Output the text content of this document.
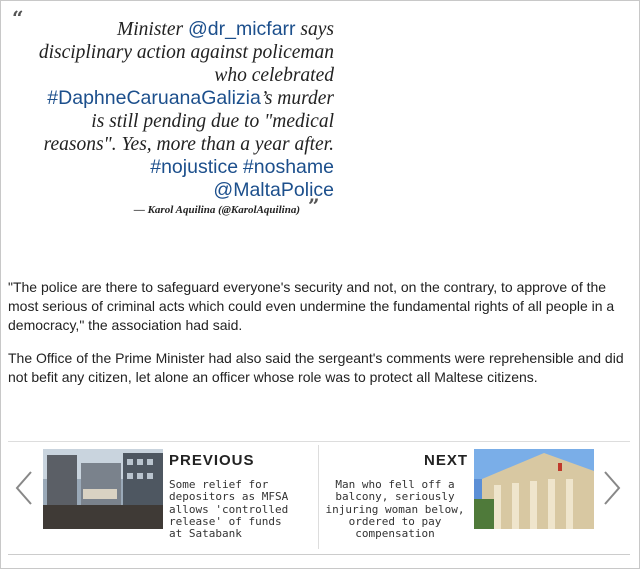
“	Minister @dr_micfarr says disciplinary action against policeman who celebrated #DaphneCaruanaGalizia’s murder is still pending due to "medical reasons". Yes, more than a year after. #nojustice #noshame @MaltaPolice
— Karol Aquilina (@KarolAquilina) ”

"The police are there to safeguard everyone's security and not, on the contrary, to approve of the most serious of criminal acts which could even undermine the fundamental rights of all people in a democracy," the association had said.

The Office of the Prime Minister had also said the sergeant's comments were reprehensible and did not befit any citizen, let alone an officer whose role was to protect all Maltese citizens.

PREVIOUS
Some relief for depositors as MFSA allows 'controlled release' of funds at Satabank
NEXT
Man who fell off a balcony, seriously injuring woman below, ordered to pay compensation
